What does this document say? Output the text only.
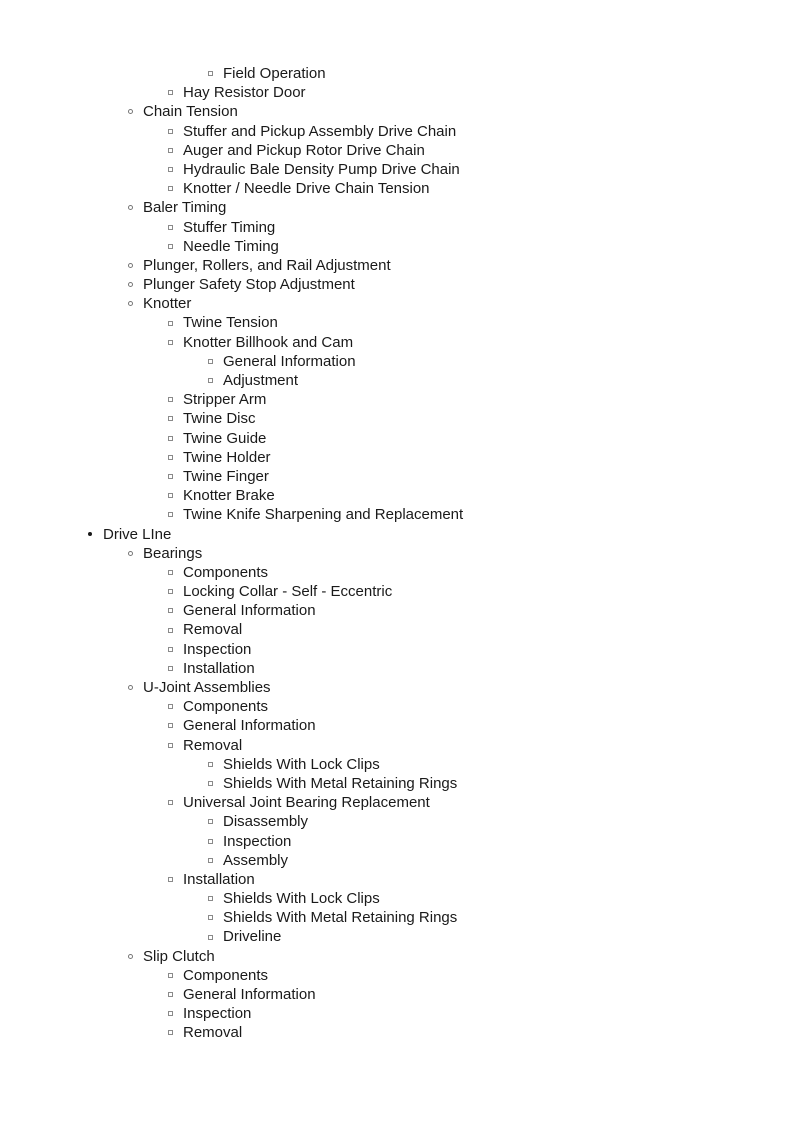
Field Operation
Hay Resistor Door
Chain Tension
Stuffer and Pickup Assembly Drive Chain
Auger and Pickup Rotor Drive Chain
Hydraulic Bale Density Pump Drive Chain
Knotter / Needle Drive Chain Tension
Baler Timing
Stuffer Timing
Needle Timing
Plunger, Rollers, and Rail Adjustment
Plunger Safety Stop Adjustment
Knotter
Twine Tension
Knotter Billhook and Cam
General Information
Adjustment
Stripper Arm
Twine Disc
Twine Guide
Twine Holder
Twine Finger
Knotter Brake
Twine Knife Sharpening and Replacement
Drive LIne
Bearings
Components
Locking Collar - Self - Eccentric
General Information
Removal
Inspection
Installation
U-Joint Assemblies
Components
General Information
Removal
Shields With Lock Clips
Shields With Metal Retaining Rings
Universal Joint Bearing Replacement
Disassembly
Inspection
Assembly
Installation
Shields With Lock Clips
Shields With Metal Retaining Rings
Driveline
Slip Clutch
Components
General Information
Inspection
Removal
